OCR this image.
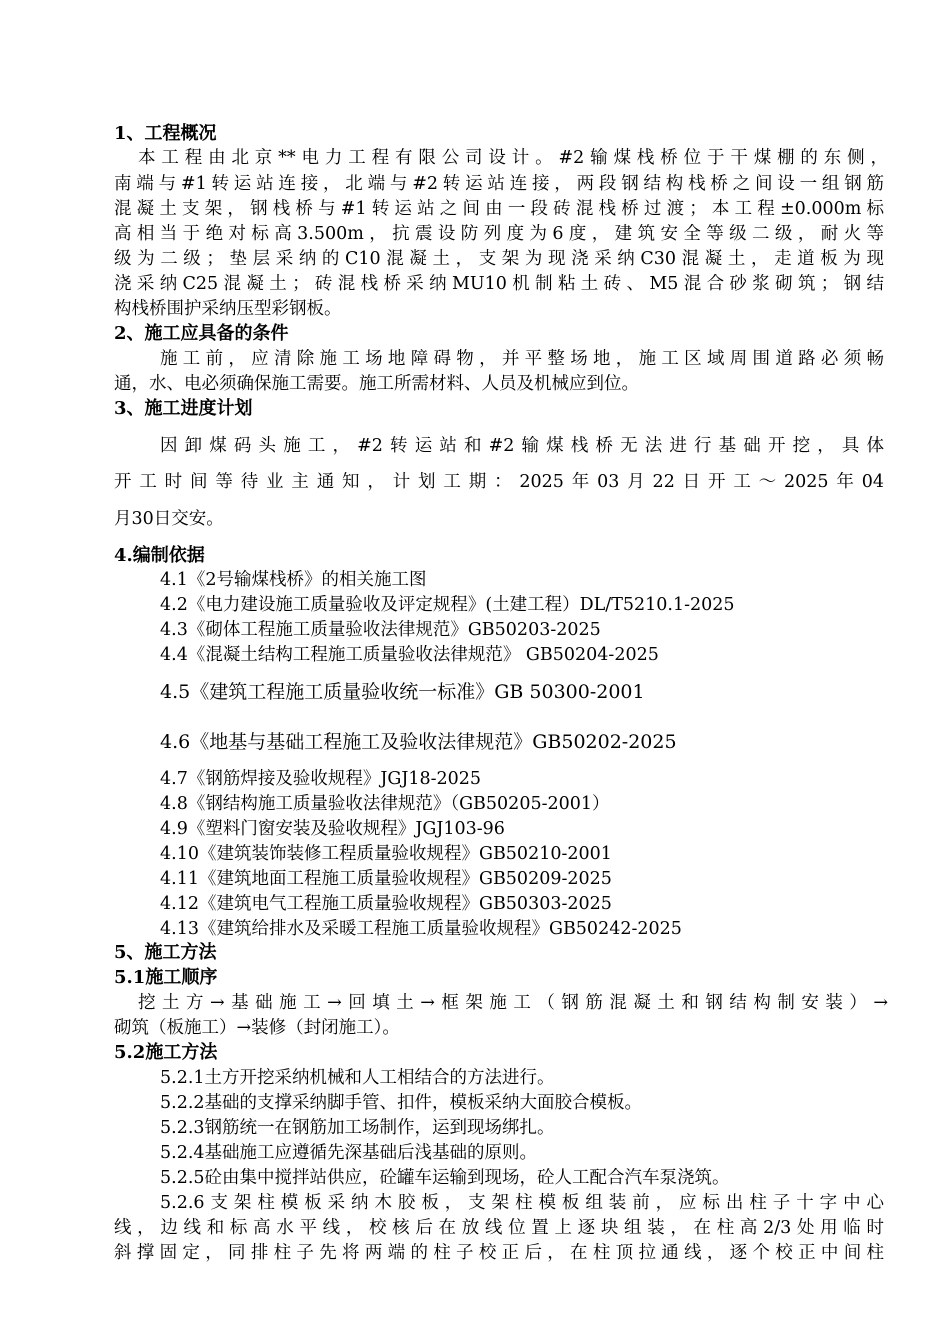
1、工程概况
本工程由北京**电力工程有限公司设计。#2输煤栈桥位于干煤棚的东侧，
南端与#1转运站连接，北端与#2转运站连接，两段钢结构栈桥之间设一组钢筋
混凝土支架，钢栈桥与#1转运站之间由一段砖混栈桥过渡；本工程±0.000m标
高相当于绝对标高3.500m，抗震设防列度为6度，建筑安全等级二级，耐火等
级为二级；垫层采纳的C10混凝土，支架为现浇采纳C30混凝土，走道板为现
浇采纳C25混凝土；砖混栈桥采纳MU10机制粘土砖、M5混合砂浆砌筑；钢结
构栈桥围护采纳压型彩钢板。
2、施工应具备的条件
施工前，应清除施工场地障碍物，并平整场地，施工区域周围道路必须畅
通，水、电必须确保施工需要。施工所需材料、人员及机械应到位。
3、施工进度计划
因卸煤码头施工，#2转运站和#2输煤栈桥无法进行基础开挖，具体
开工时间等待业主通知，计划工期：2025年03月22日开工～2025年04
月30日交安。
4.编制依据
4.1《2号输煤栈桥》的相关施工图
4.2《电力建设施工质量验收及评定规程》(土建工程）DL/T5210.1-2025
4.3《砌体工程施工质量验收法律规范》GB50203-2025
4.4《混凝土结构工程施工质量验收法律规范》 GB50204-2025
4.5《建筑工程施工质量验收统一标准》GB 50300-2001
4.6《地基与基础工程施工及验收法律规范》GB50202-2025
4.7《钢筋焊接及验收规程》JGJ18-2025
4.8《钢结构施工质量验收法律规范》（GB50205-2001）
4.9《塑料门窗安装及验收规程》JGJ103-96
4.10《建筑装饰装修工程质量验收规程》GB50210-2001
4.11《建筑地面工程施工质量验收规程》GB50209-2025
4.12《建筑电气工程施工质量验收规程》GB50303-2025
4.13《建筑给排水及采暖工程施工质量验收规程》GB50242-2025
5、施工方法
5.1施工顺序
挖土方→基础施工→回填土→框架施工（钢筋混凝土和钢结构制安装）→
砌筑（板施工）→装修（封闭施工）。
5.2施工方法
5.2.1土方开挖采纳机械和人工相结合的方法进行。
5.2.2基础的支撑采纳脚手管、扣件，模板采纳大面胶合模板。
5.2.3钢筋统一在钢筋加工场制作，运到现场绑扎。
5.2.4基础施工应遵循先深基础后浅基础的原则。
5.2.5砼由集中搅拌站供应，砼罐车运输到现场，砼人工配合汽车泵浇筑。
5.2.6支架柱模板采纳木胶板，支架柱模板组装前，应标出柱子十字中心
线，边线和标高水平线，校核后在放线位置上逐块组装，在柱高2/3处用临时
斜撑固定，同排柱子先将两端的柱子校正后，在柱顶拉通线，逐个校正中间柱
